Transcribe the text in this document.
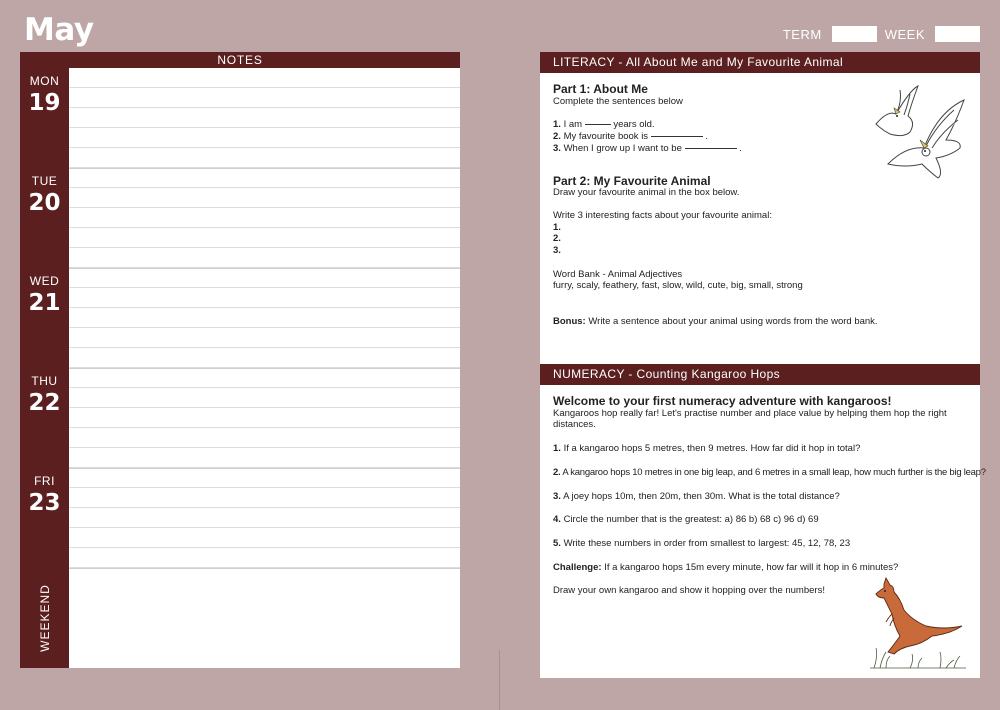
May	TERM	WEEK
NOTES
MON
19
TUE
20
WED
21
THU
22
FRI
23
WEEKEND
LITERACY - All About Me and My Favourite Animal
Part 1: About Me
Complete the sentences below
1. I am	years old.
2. My favourite book is	.
3. When I grow up I want to be	.
Part 2: My Favourite Animal
Draw your favourite animal in the box below.
Write 3 interesting facts about your favourite animal:
1.
2.
3.
Word Bank - Animal Adjectives
furry, scaly, feathery, fast, slow, wild, cute, big, small, strong
Bonus: Write a sentence about your animal using words from the word bank.
NUMERACY - Counting Kangaroo Hops
Welcome to your first numeracy adventure with kangaroos!
Kangaroos hop really far! Let's practise number and place value by helping them hop the right distances.
1. If a kangaroo hops 5 metres, then 9 metres. How far did it hop in total?
2. A kangaroo hops 10 metres in one big leap, and 6 metres in a small leap, how much further is the big leap?
3. A joey hops 10m, then 20m, then 30m. What is the total distance?
4. Circle the number that is the greatest: a) 86 b) 68 c) 96 d) 69
5. Write these numbers in order from smallest to largest: 45, 12, 78, 23
Challenge: If a kangaroo hops 15m every minute, how far will it hop in 6 minutes?
Draw your own kangaroo and show it hopping over the numbers!
